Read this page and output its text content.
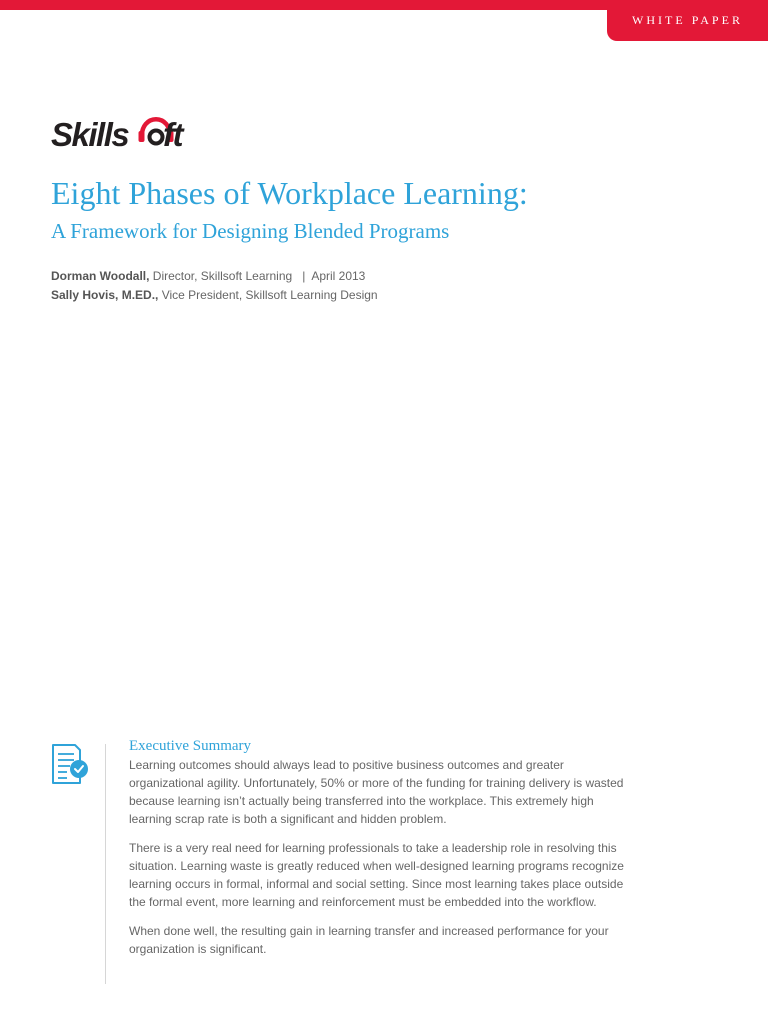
WHITE PAPER
Skills ft
Eight Phases of Workplace Learning:
A Framework for Designing Blended Programs
Dorman Woodall, Director, Skillsoft Learning | April 2013
Sally Hovis, M.ED., Vice President, Skillsoft Learning Design
Executive Summary

Learning outcomes should always lead to positive business outcomes and greater organizational agility. Unfortunately, 50% or more of the funding for training delivery is wasted because learning isn’t actually being transferred into the workplace. This extremely high learning scrap rate is both a significant and hidden problem.

There is a very real need for learning professionals to take a leadership role in resolving this situation. Learning waste is greatly reduced when well-designed learning programs recognize learning occurs in formal, informal and social setting. Since most learning takes place outside the formal event, more learning and reinforcement must be embedded into the workflow.

When done well, the resulting gain in learning transfer and increased performance for your organization is significant.
